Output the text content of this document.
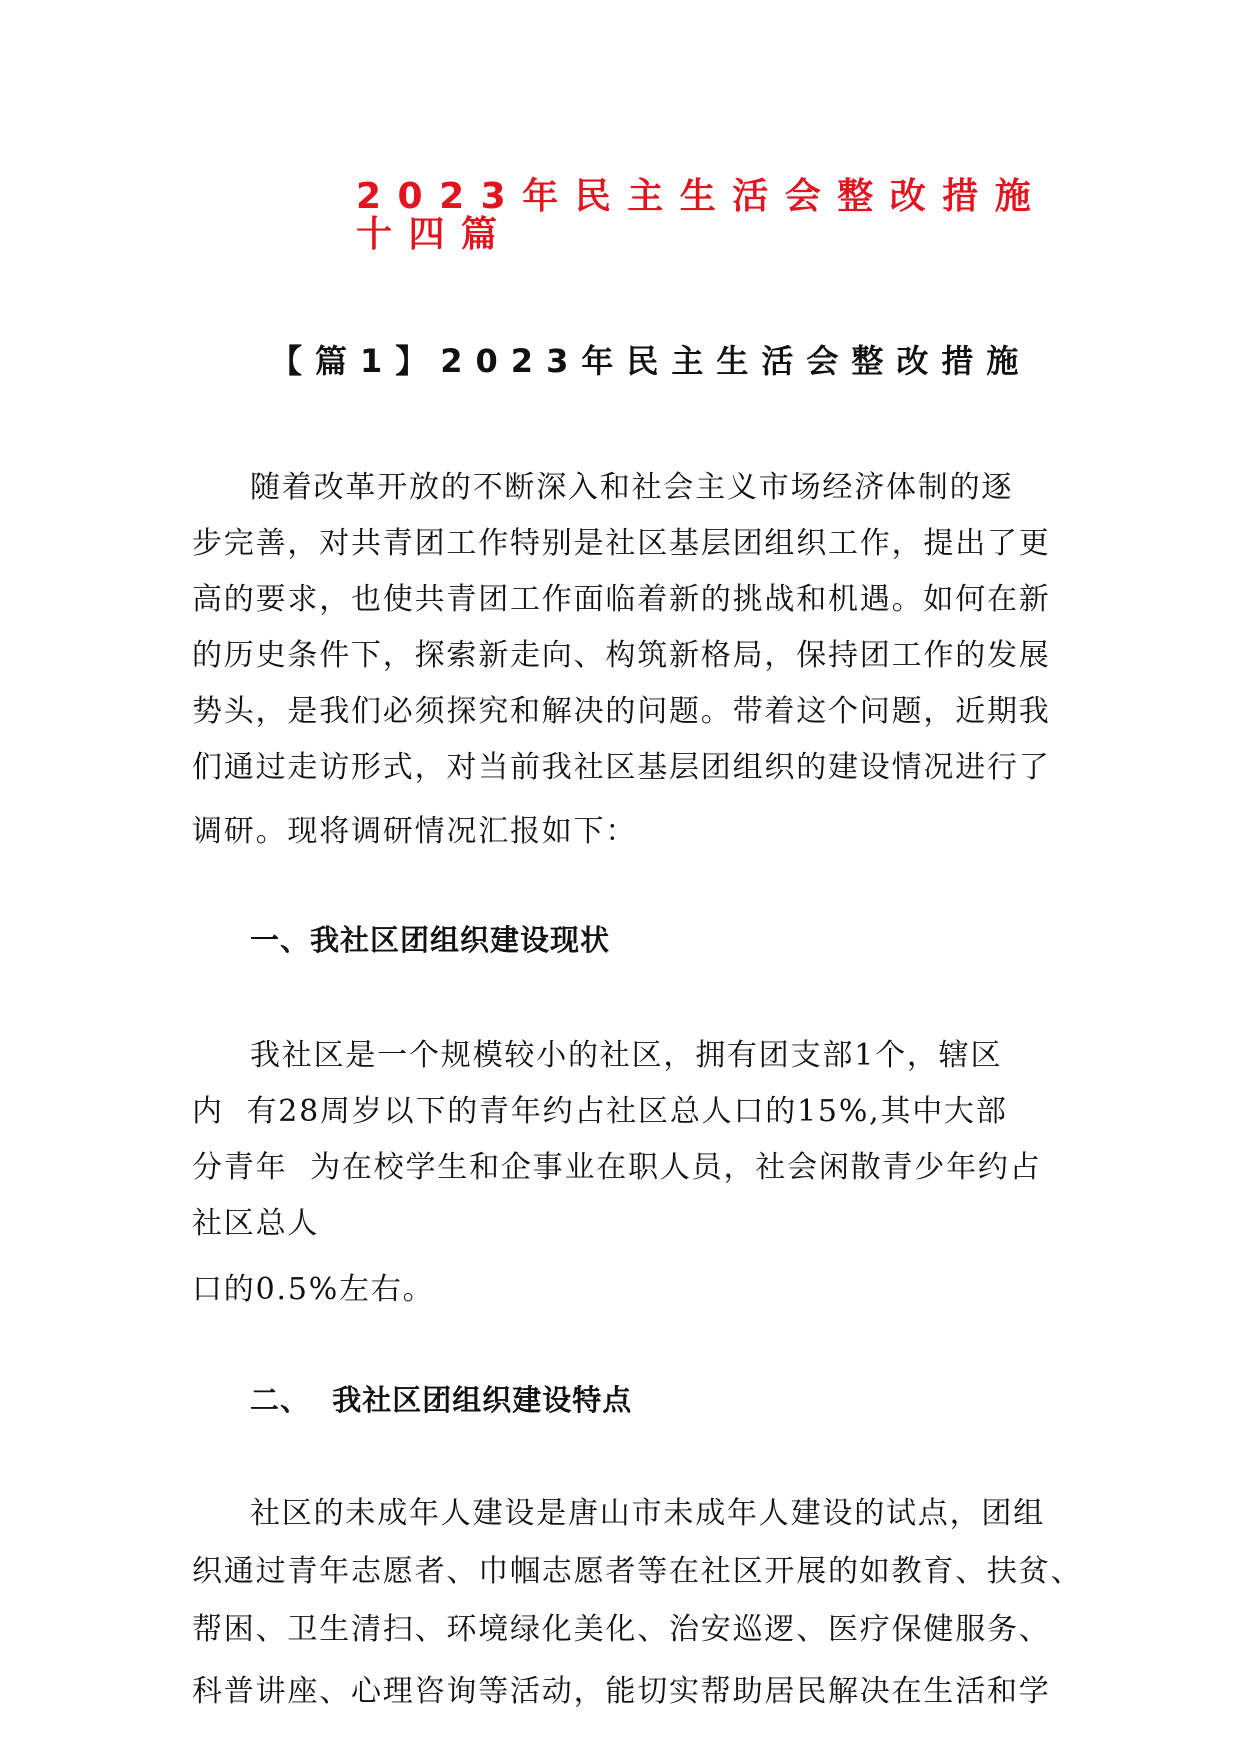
2023年民主生活会整改措施十四篇
【篇1】2023年民主生活会整改措施

随着改革开放的不断深入和社会主义市场经济体制的逐

步完善，对共青团工作特别是社区基层团组织工作，提出了更

高的要求，也使共青团工作面临着新的挑战和机遇。如何在新

的历史条件下，探索新走向、构筑新格局，保持团工作的发展

势头，是我们必须探究和解决的问题。带着这个问题，近期我

们通过走访形式，对当前我社区基层团组织的建设情况进行了

调研。现将调研情况汇报如下：

一、我社区团组织建设现状

我社区是一个规模较小的社区，拥有团支部1个，辖区

内  有28周岁以下的青年约占社区总人口的15%,其中大部

分青年  为在校学生和企事业在职人员，社会闲散青少年约占

社区总人

口的0.5%左右。

二、  我社区团组织建设特点

社区的未成年人建设是唐山市未成年人建设的试点，团组

织通过青年志愿者、巾帼志愿者等在社区开展的如教育、扶贫、

帮困、卫生清扫、环境绿化美化、治安巡逻、医疗保健服务、

科普讲座、心理咨询等活动，能切实帮助居民解决在生活和学
